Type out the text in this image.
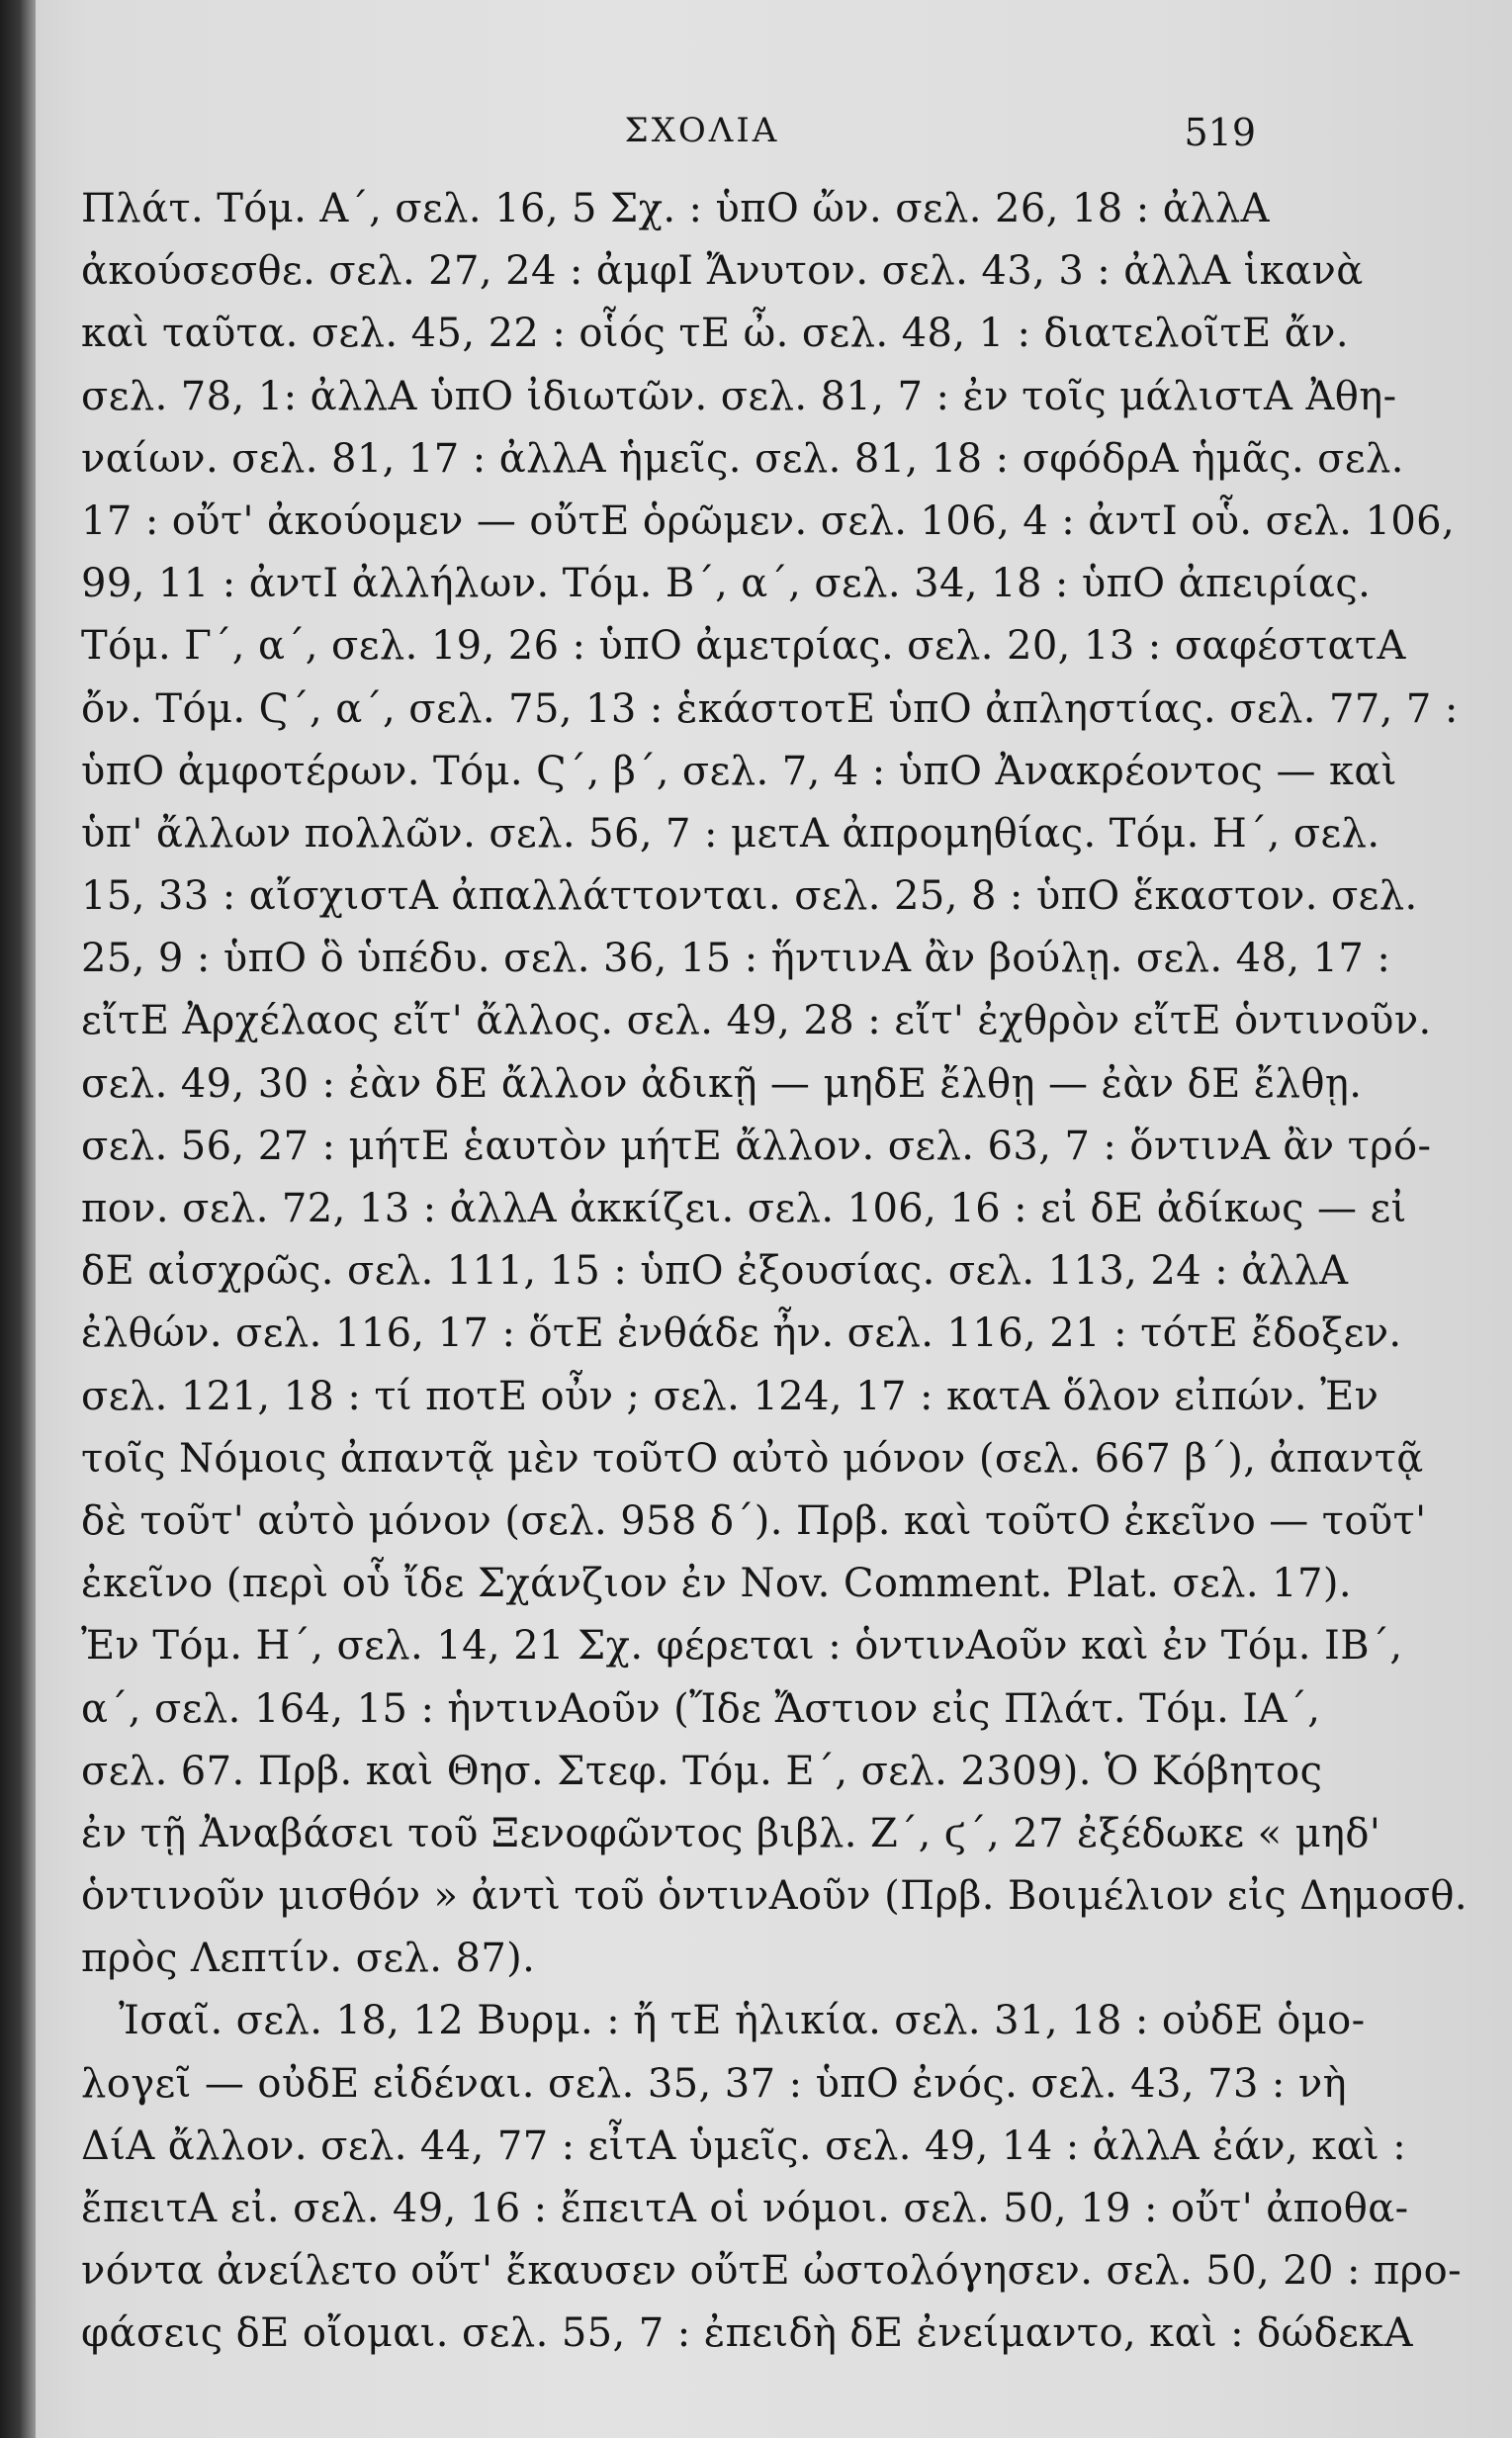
ΣΧΟΛΙΑ	519
Πλάτ. Τόμ. Α΄, σελ. 16, 5 Σχ. : ὑπΟ ὤν. σελ. 26, 18 : ἀλλΑ
ἀκούσεσθε. σελ. 27, 24 : ἀμφΙ Ἄνυτον. σελ. 43, 3 : ἀλλΑ ἱκανὰ
καὶ ταῦτα. σελ. 45, 22 : οἷός τΕ ὦ. σελ. 48, 1 : διατελοῖτΕ ἄν.
σελ. 78, 1: ἀλλΑ ὑπΟ ἰδιωτῶν. σελ. 81, 7 : ἐν τοῖς μάλιστΑ Ἀθη-
ναίων. σελ. 81, 17 : ἀλλΑ ἡμεῖς. σελ. 81, 18 : σφόδρΑ ἡμᾶς. σελ.
17 : οὔτ' ἀκούομεν — οὔτΕ ὁρῶμεν. σελ. 106, 4 : ἀντΙ οὗ. σελ. 106,
99, 11 : ἀντΙ ἀλλήλων. Τόμ. Β΄, α΄, σελ. 34, 18 : ὑπΟ ἀπειρίας.
Τόμ. Γ΄, α΄, σελ. 19, 26 : ὑπΟ ἀμετρίας. σελ. 20, 13 : σαφέστατΑ
ὄν. Τόμ. Ϛ΄, α΄, σελ. 75, 13 : ἑκάστοτΕ ὑπΟ ἀπληστίας. σελ. 77, 7 :
ὑπΟ ἀμφοτέρων. Τόμ. Ϛ΄, β΄, σελ. 7, 4 : ὑπΟ Ἀνακρέοντος — καὶ
ὑπ' ἄλλων πολλῶν. σελ. 56, 7 : μετΑ ἀπρομηθίας. Τόμ. Η΄, σελ.
15, 33 : αἴσχιστΑ ἀπαλλάττονται. σελ. 25, 8 : ὑπΟ ἕκαστον. σελ.
25, 9 : ὑπΟ ὃ ὑπέδυ. σελ. 36, 15 : ἥντινΑ ἂν βούλῃ. σελ. 48, 17 :
εἴτΕ Ἀρχέλαος εἴτ' ἄλλος. σελ. 49, 28 : εἴτ' ἐχθρὸν εἴτΕ ὁντινοῦν.
σελ. 49, 30 : ἐὰν δΕ ἄλλον ἀδικῇ — μηδΕ ἔλθῃ — ἐὰν δΕ ἔλθῃ.
σελ. 56, 27 : μήτΕ ἑαυτὸν μήτΕ ἄλλον. σελ. 63, 7 : ὅντινΑ ἂν τρό-
πον. σελ. 72, 13 : ἀλλΑ ἀκκίζει. σελ. 106, 16 : εἰ δΕ ἀδίκως — εἰ
δΕ αἰσχρῶς. σελ. 111, 15 : ὑπΟ ἐξουσίας. σελ. 113, 24 : ἀλλΑ
ἐλθών. σελ. 116, 17 : ὅτΕ ἐνθάδε ἦν. σελ. 116, 21 : τότΕ ἔδοξεν.
σελ. 121, 18 : τί ποτΕ οὖν ; σελ. 124, 17 : κατΑ ὅλον εἰπών. Ἐν
τοῖς Νόμοις ἀπαντᾷ μὲν τοῦτΟ αὐτὸ μόνον (σελ. 667 β΄), ἀπαντᾷ
δὲ τοῦτ' αὐτὸ μόνον (σελ. 958 δ΄). Πρβ. καὶ τοῦτΟ ἐκεῖνο — τοῦτ'
ἐκεῖνο (περὶ οὗ ἴδε Σχάνζιον ἐν Nov. Comment. Plat. σελ. 17).
Ἐν Τόμ. Η΄, σελ. 14, 21 Σχ. φέρεται : ὁντινΑοῦν καὶ ἐν Τόμ. ΙΒ΄,
α΄, σελ. 164, 15 : ἡντινΑοῦν (Ἴδε Ἄστιον εἰς Πλάτ. Τόμ. ΙΑ΄,
σελ. 67. Πρβ. καὶ Θησ. Στεφ. Τόμ. Ε΄, σελ. 2309). Ὁ Κόβητος
ἐν τῇ Ἀναβάσει τοῦ Ξενοφῶντος βιβλ. Ζ΄, ϛ΄, 27 ἐξέδωκε « μηδ'
ὁντινοῦν μισθόν » ἀντὶ τοῦ ὁντινΑοῦν (Πρβ. Βοιμέλιον εἰς Δημοσθ.
πρὸς Λεπτίν. σελ. 87).
Ἰσαῖ. σελ. 18, 12 Βυρμ. : ἤ τΕ ἡλικία. σελ. 31, 18 : οὐδΕ ὁμο-
λογεῖ — οὐδΕ εἰδέναι. σελ. 35, 37 : ὑπΟ ἐνός. σελ. 43, 73 : νὴ
ΔίΑ ἄλλον. σελ. 44, 77 : εἶτΑ ὑμεῖς. σελ. 49, 14 : ἀλλΑ ἐάν, καὶ :
ἔπειτΑ εἰ. σελ. 49, 16 : ἔπειτΑ οἱ νόμοι. σελ. 50, 19 : οὔτ' ἀποθα-
νόντα ἀνείλετο οὔτ' ἔκαυσεν οὔτΕ ὠστολόγησεν. σελ. 50, 20 : προ-
φάσεις δΕ οἴομαι. σελ. 55, 7 : ἐπειδὴ δΕ ἐνείμαντο, καὶ : δώδεκΑ
